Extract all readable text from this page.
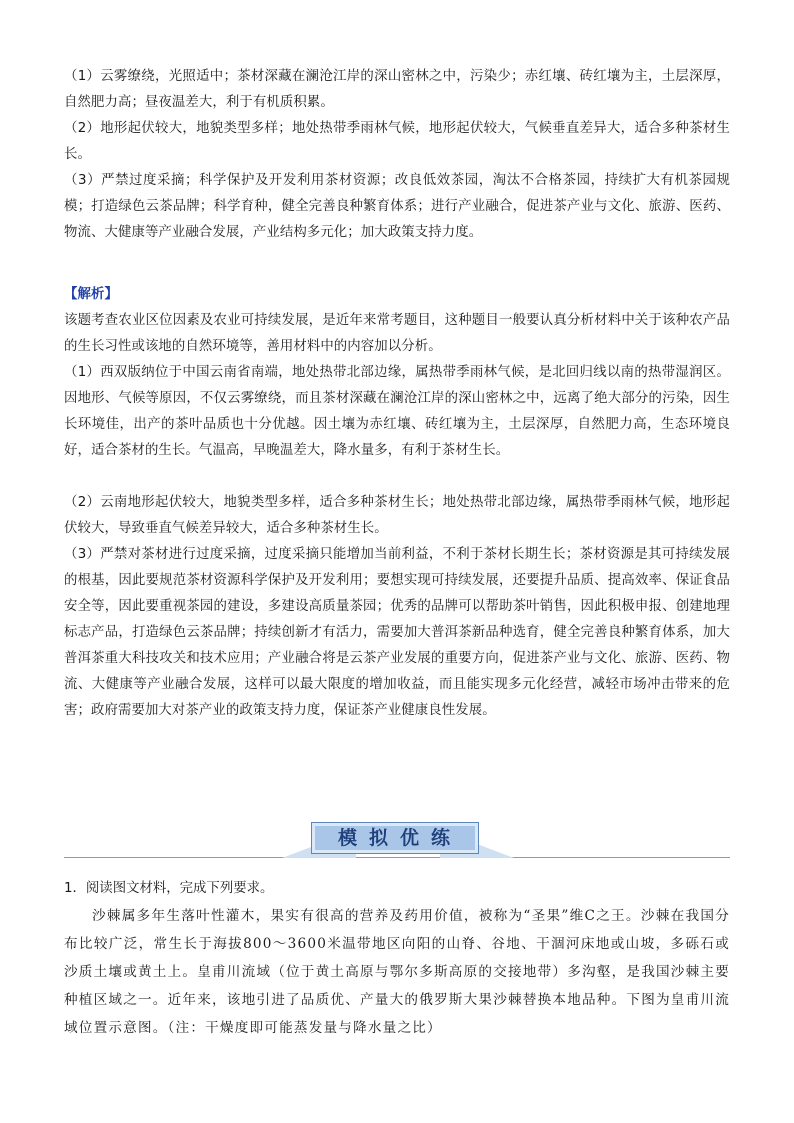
（1）云雾缭绕，光照适中；茶材深藏在澜沧江岸的深山密林之中，污染少；赤红壤、砖红壤为主，土层深厚，自然肥力高；昼夜温差大，利于有机质积累。

（2）地形起伏较大，地貌类型多样；地处热带季雨林气候，地形起伏较大，气候垂直差异大，适合多种茶材生长。

（3）严禁过度采摘；科学保护及开发利用茶材资源；改良低效茶园，淘汰不合格茶园，持续扩大有机茶园规模；打造绿色云茶品牌；科学育种，健全完善良种繁育体系；进行产业融合，促进茶产业与文化、旅游、医药、物流、大健康等产业融合发展，产业结构多元化；加大政策支持力度。

【解析】

该题考查农业区位因素及农业可持续发展，是近年来常考题目，这种题目一般要认真分析材料中关于该种农产品的生长习性或该地的自然环境等，善用材料中的内容加以分析。

（1）西双版纳位于中国云南省南端，地处热带北部边缘，属热带季雨林气候，是北回归线以南的热带湿润区。因地形、气候等原因，不仅云雾缭绕，而且茶材深藏在澜沧江岸的深山密林之中，远离了绝大部分的污染，因生长环境佳，出产的茶叶品质也十分优越。因土壤为赤红壤、砖红壤为主，土层深厚，自然肥力高，生态环境良好，适合茶材的生长。气温高，早晚温差大，降水量多，有利于茶材生长。

（2）云南地形起伏较大，地貌类型多样，适合多种茶材生长；地处热带北部边缘，属热带季雨林气候，地形起伏较大，导致垂直气候差异较大，适合多种茶材生长。

（3）严禁对茶材进行过度采摘，过度采摘只能增加当前利益，不利于茶材长期生长；茶材资源是其可持续发展的根基，因此要规范茶材资源科学保护及开发利用；要想实现可持续发展，还要提升品质、提高效率、保证食品安全等，因此要重视茶园的建设，多建设高质量茶园；优秀的品牌可以帮助茶叶销售，因此积极申报、创建地理标志产品，打造绿色云茶品牌；持续创新才有活力，需要加大普洱茶新品种选育，健全完善良种繁育体系，加大普洱茶重大科技攻关和技术应用；产业融合将是云茶产业发展的重要方向，促进茶产业与文化、旅游、医药、物流、大健康等产业融合发展，这样可以最大限度的增加收益，而且能实现多元化经营，减轻市场冲击带来的危害；政府需要加大对茶产业的政策支持力度，保证茶产业健康良性发展。

模拟优练

1．阅读图文材料，完成下列要求。

沙棘属多年生落叶性灌木，果实有很高的营养及药用价值，被称为“圣果”维C之王。沙棘在我国分布比较广泛，常生长于海拔800～3600米温带地区向阳的山脊、谷地、干涸河床地或山坡，多砾石或沙质土壤或黄土上。皇甫川流域（位于黄土高原与鄂尔多斯高原的交接地带）多沟壑，是我国沙棘主要种植区域之一。近年来，该地引进了品质优、产量大的俄罗斯大果沙棘替换本地品种。下图为皇甫川流域位置示意图。（注：干燥度即可能蒸发量与降水量之比）
